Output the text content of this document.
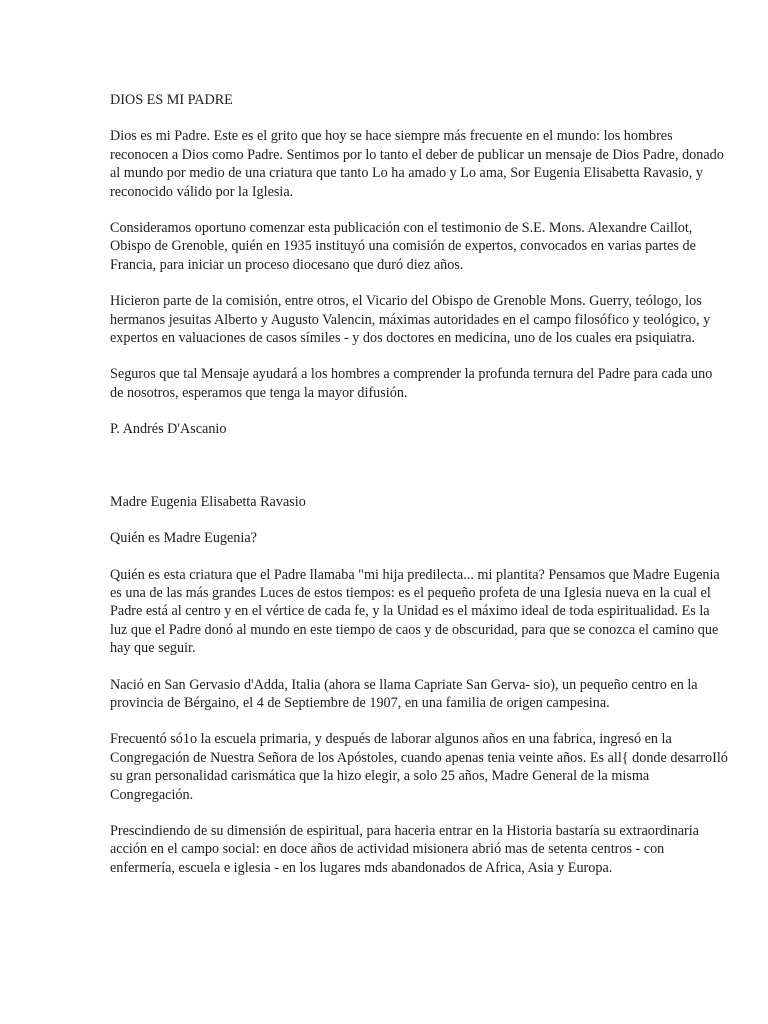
DIOS ES MI PADRE

Dios es mi Padre. Este es el grito que hoy se hace siempre más frecuente en el mundo: los hombres reconocen a Dios como Padre. Sentimos por lo tanto el deber de publicar un mensaje de Dios Padre, donado al mundo por medio de una criatura que tanto Lo ha amado y Lo ama, Sor Eugenia Elisabetta Ravasio, y reconocido válido por la Iglesia.

Consideramos oportuno comenzar esta publicación con el testimonio de S.E. Mons. Alexandre Caillot, Obispo de Grenoble, quién en 1935 instituyó una comisión de expertos, convocados en varias partes de Francia, para iniciar un proceso diocesano que duró diez años.

Hicieron parte de la comisión, entre otros, el Vicario del Obispo de Grenoble Mons. Guerry, teólogo, los hermanos jesuitas Alberto y Augusto Valencin, máximas autoridades en el campo filosófico y teológico, y expertos en valuaciones de casos símiles - y dos doctores en medicina, uno de los cuales era psiquiatra.

Seguros que tal Mensaje ayudará a los hombres a comprender la profunda ternura del Padre para cada uno de nosotros, esperamos que tenga la mayor difusión.

P. Andrés D'Ascanio

Madre Eugenia Elisabetta Ravasio

Quién es Madre Eugenia?

Quién es esta criatura que el Padre llamaba "mi hija predilecta... mi plantita? Pensamos que Madre Eugenia es una de las más grandes Luces de estos tiempos: es el pequeño profeta de una Iglesia nueva en la cual el Padre está al centro y en el vértice de cada fe, y la Unidad es el máximo ideal de toda espiritualidad. Es la luz que el Padre donó al mundo en este tiempo de caos y de obscuridad, para que se conozca el camino que hay que seguir.

Nació en San Gervasio d'Adda, Italia (ahora se llama Capriate San Gerva- sio), un pequeño centro en la provincia de Bérgaino, el 4 de Septiembre de 1907, en una familia de origen campesina.

Frecuentó só1o la escuela primaria, y después de laborar algunos años en una fabrica, ingresó en la Congregación de Nuestra Señora de los Apóstoles, cuando apenas tenia veinte años. Es all{ donde desarroIló su gran personalidad carismática que la hizo elegir, a solo 25 años, Madre General de la misma Congregación.

Prescindiendo de su dimensión de espiritual, para haceria entrar en la Historia bastaría su extraordinaria acción en el campo social: en doce años de actividad misionera abrió mas de setenta centros - con enfermería, escuela e iglesia - en los lugares mds abandonados de Africa, Asia y Europa.
